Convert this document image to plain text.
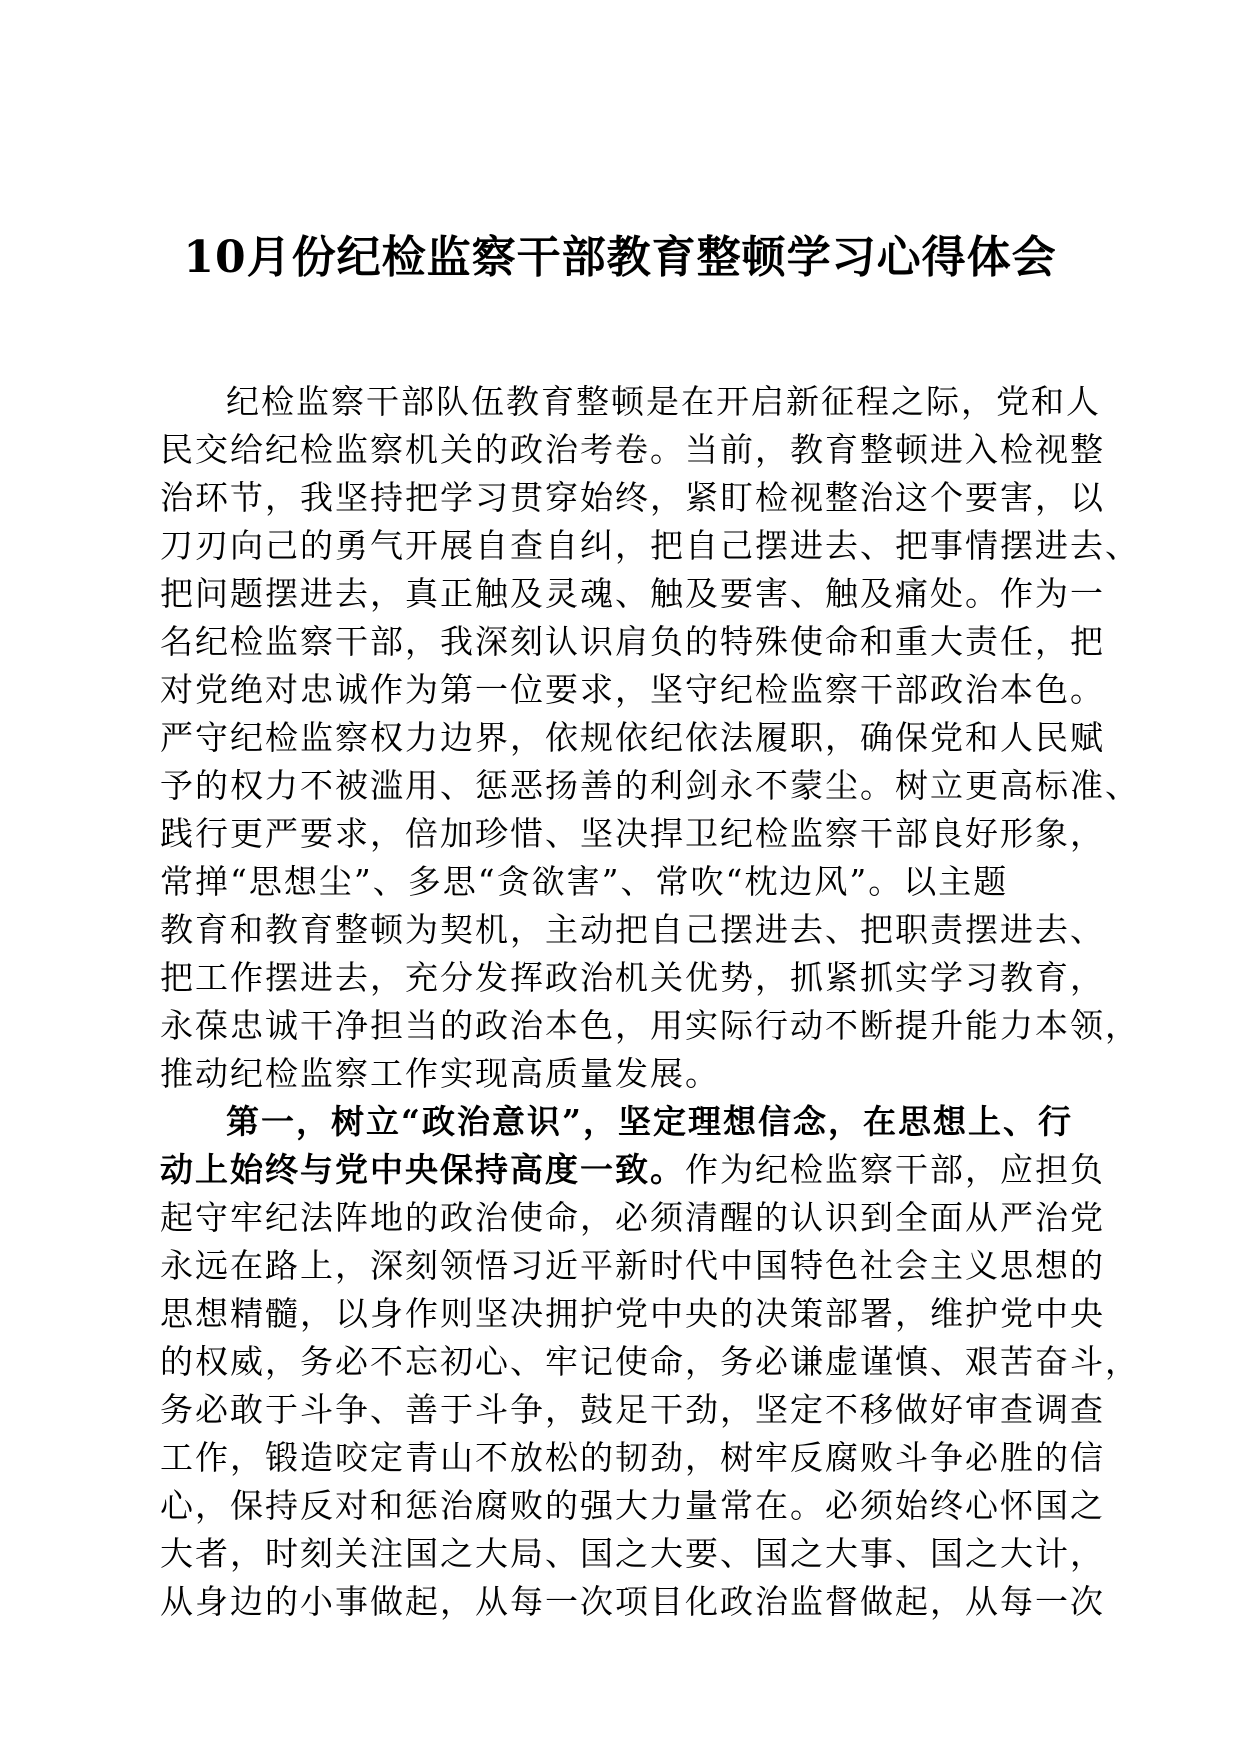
10月份纪检监察干部教育整顿学习心得体会
纪检监察干部队伍教育整顿是在开启新征程之际，党和人
民交给纪检监察机关的政治考卷。当前，教育整顿进入检视整
治环节，我坚持把学习贯穿始终，紧盯检视整治这个要害，以
刀刃向己的勇气开展自查自纠，把自己摆进去、把事情摆进去、
把问题摆进去，真正触及灵魂、触及要害、触及痛处。作为一
名纪检监察干部，我深刻认识肩负的特殊使命和重大责任，把
对党绝对忠诚作为第一位要求，坚守纪检监察干部政治本色。
严守纪检监察权力边界，依规依纪依法履职，确保党和人民赋
予的权力不被滥用、惩恶扬善的利剑永不蒙尘。树立更高标准、
践行更严要求，倍加珍惜、坚决捍卫纪检监察干部良好形象，
常掸“思想尘”、多思“贪欲害”、常吹“枕边风”。以主题
教育和教育整顿为契机，主动把自己摆进去、把职责摆进去、
把工作摆进去，充分发挥政治机关优势，抓紧抓实学习教育，
永葆忠诚干净担当的政治本色，用实际行动不断提升能力本领，
推动纪检监察工作实现高质量发展。
第一，树立“政治意识”，坚定理想信念，在思想上、行
动上始终与党中央保持高度一致。作为纪检监察干部，应担负
起守牢纪法阵地的政治使命，必须清醒的认识到全面从严治党
永远在路上，深刻领悟习近平新时代中国特色社会主义思想的
思想精髓，以身作则坚决拥护党中央的决策部署，维护党中央
的权威，务必不忘初心、牢记使命，务必谦虚谨慎、艰苦奋斗，
务必敢于斗争、善于斗争，鼓足干劲，坚定不移做好审查调查
工作，锻造咬定青山不放松的韧劲，树牢反腐败斗争必胜的信
心，保持反对和惩治腐败的强大力量常在。必须始终心怀国之
大者，时刻关注国之大局、国之大要、国之大事、国之大计，
从身边的小事做起，从每一次项目化政治监督做起，从每一次
